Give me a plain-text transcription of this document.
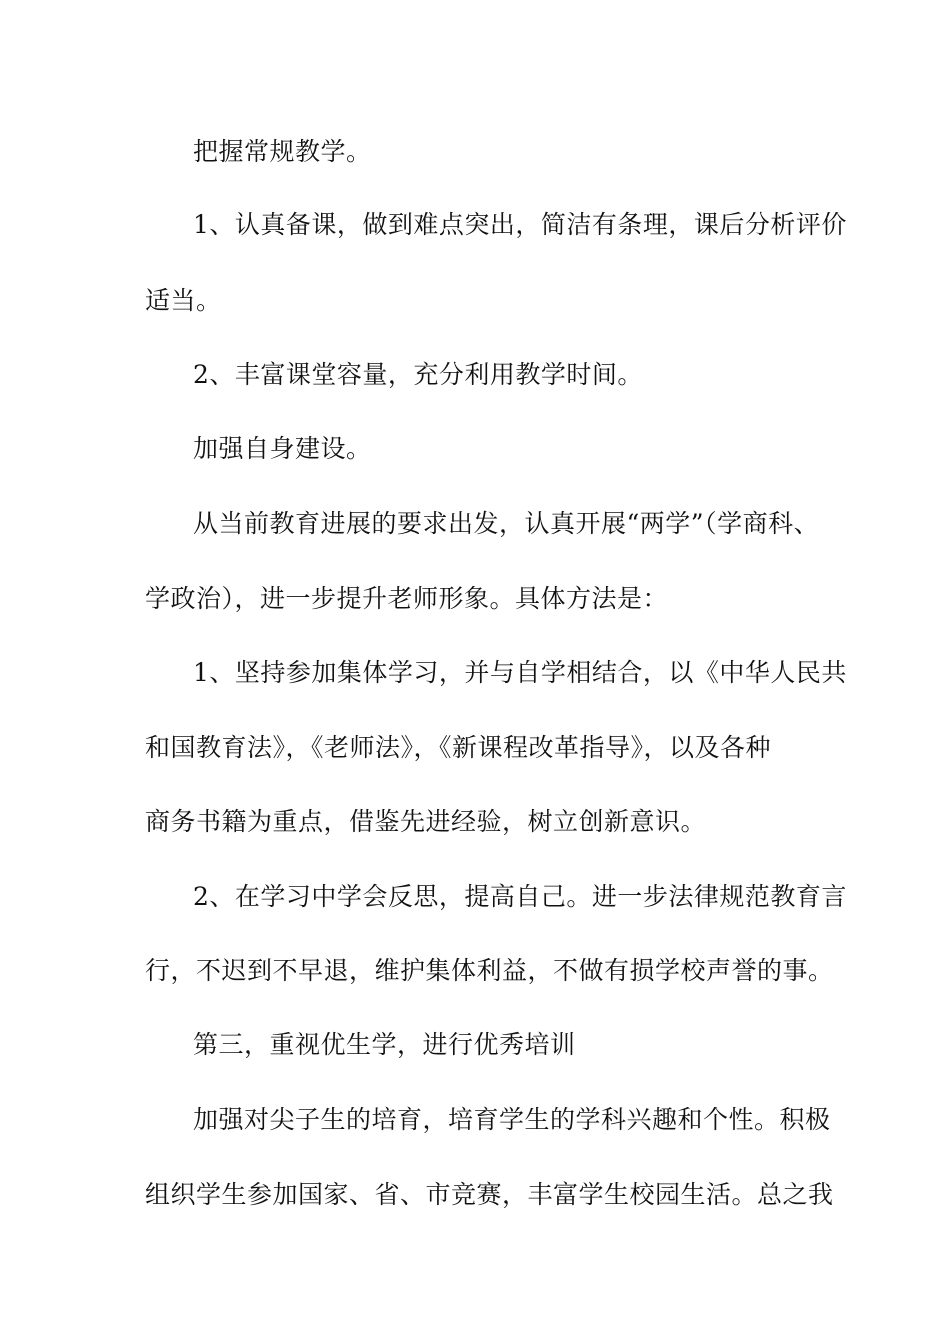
把握常规教学。
1、认真备课，做到难点突出，简洁有条理，课后分析评价
适当。
2、丰富课堂容量，充分利用教学时间。
加强自身建设。
从当前教育进展的要求出发，认真开展“两学”（学商科、
学政治），进一步提升老师形象。具体方法是：
1、坚持参加集体学习，并与自学相结合，以《中华人民共
和国教育法》，《老师法》，《新课程改革指导》，以及各种
商务书籍为重点，借鉴先进经验，树立创新意识。
2、在学习中学会反思，提高自己。进一步法律规范教育言
行，不迟到不早退，维护集体利益，不做有损学校声誉的事。
第三，重视优生学，进行优秀培训
加强对尖子生的培育，培育学生的学科兴趣和个性。积极
组织学生参加国家、省、市竞赛，丰富学生校园生活。总之我
